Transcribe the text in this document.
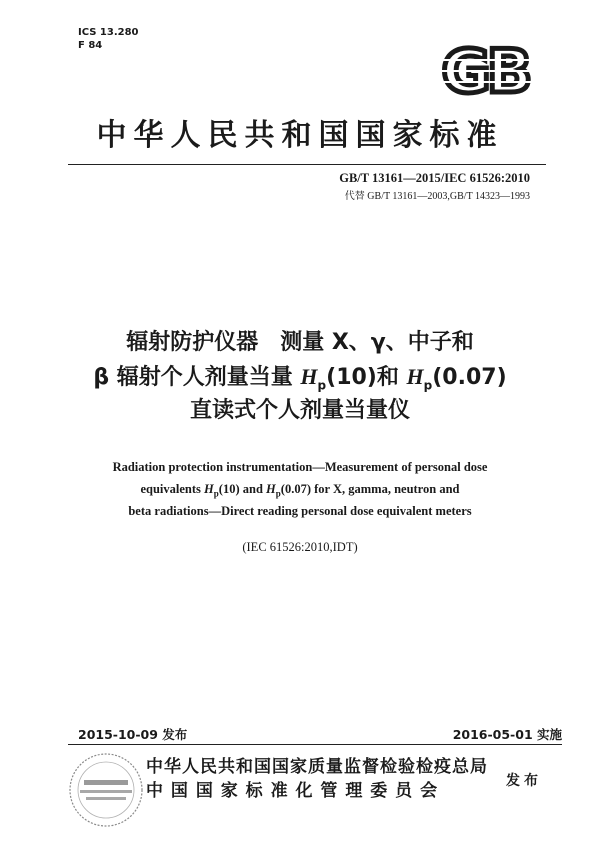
ICS 13.280
F 84	GB
中华人民共和国国家标准
GB/T 13161—2015/IEC 61526:2010
代替 GB/T 13161—2003,GB/T 14323—1993
辐射防护仪器　测量 X、γ、中子和
β 辐射个人剂量当量 $H_p(10)$和 $H_p(0.07)$
直读式个人剂量当量仪
Radiation protection instrumentation—Measurement of personal dose
equivalents $H_p(10)$ and $H_p(0.07)$ for X, gamma, neutron and
beta radiations—Direct reading personal dose equivalent meters
(IEC 61526:2010,IDT)
2015-10-09 发布	2016-05-01 实施
中华人民共和国国家质量监督检验检疫总局
中 国 国 家 标 准 化 管 理 委 员 会	发布
